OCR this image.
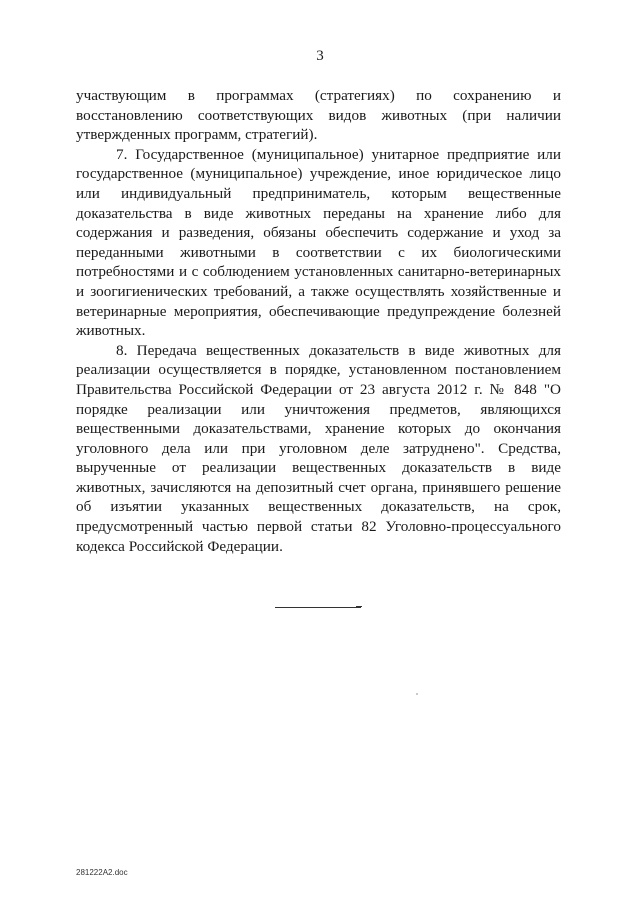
3

участвующим в программах (стратегиях) по сохранению и восстановлению соответствующих видов животных (при наличии утвержденных программ, стратегий).

7. Государственное (муниципальное) унитарное предприятие или государственное (муниципальное) учреждение, иное юридическое лицо или индивидуальный предприниматель, которым вещественные доказательства в виде животных переданы на хранение либо для содержания и разведения, обязаны обеспечить содержание и уход за переданными животными в соответствии с их биологическими потребностями и с соблюдением установленных санитарно-ветеринарных и зоогигиенических требований, а также осуществлять хозяйственные и ветеринарные мероприятия, обеспечивающие предупреждение болезней животных.

8. Передача вещественных доказательств в виде животных для реализации осуществляется в порядке, установленном постановлением Правительства Российской Федерации от 23 августа 2012 г. № 848 "О порядке реализации или уничтожения предметов, являющихся вещественными доказательствами, хранение которых до окончания уголовного дела или при уголовном деле затруднено". Средства, вырученные от реализации вещественных доказательств в виде животных, зачисляются на депозитный счет органа, принявшего решение об изъятии указанных вещественных доказательств, на срок, предусмотренный частью первой статьи 82 Уголовно-процессуального кодекса Российской Федерации.

281222A2.doc
